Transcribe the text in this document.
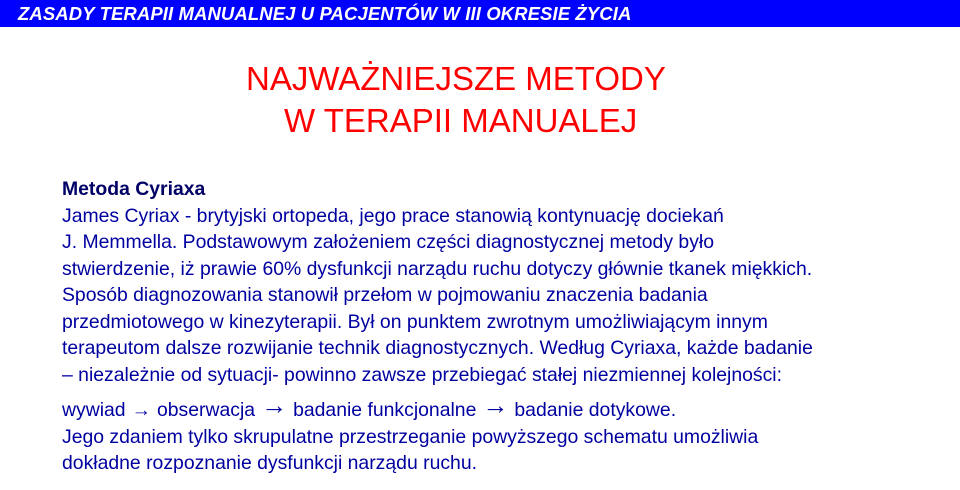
ZASADY TERAPII MANUALNEJ U PACJENTÓW W III OKRESIE ŻYCIA
NAJWAŻNIEJSZE METODY
W TERAPII MANUALEJ
Metoda Cyriaxa
James Cyriax - brytyjski ortopeda, jego prace stanowią kontynuację dociekań
J. Memmella. Podstawowym założeniem części diagnostycznej metody było
stwierdzenie, iż prawie 60% dysfunkcji narządu ruchu dotyczy głównie tkanek miękkich.
Sposób diagnozowania stanowił przełom w pojmowaniu znaczenia badania
przedmiotowego w kinezyterapii. Był on punktem zwrotnym umożliwiającym innym
terapeutom dalsze rozwijanie technik diagnostycznych. Według Cyriaxa, każde badanie
– niezależnie od sytuacji- powinno zawsze przebiegać stałej niezmiennej kolejności:
wywiad → obserwacja → badanie funkcjonalne → badanie dotykowe.
Jego zdaniem tylko skrupulatne przestrzeganie powyższego schematu umożliwia
dokładne rozpoznanie dysfunkcji narządu ruchu.
